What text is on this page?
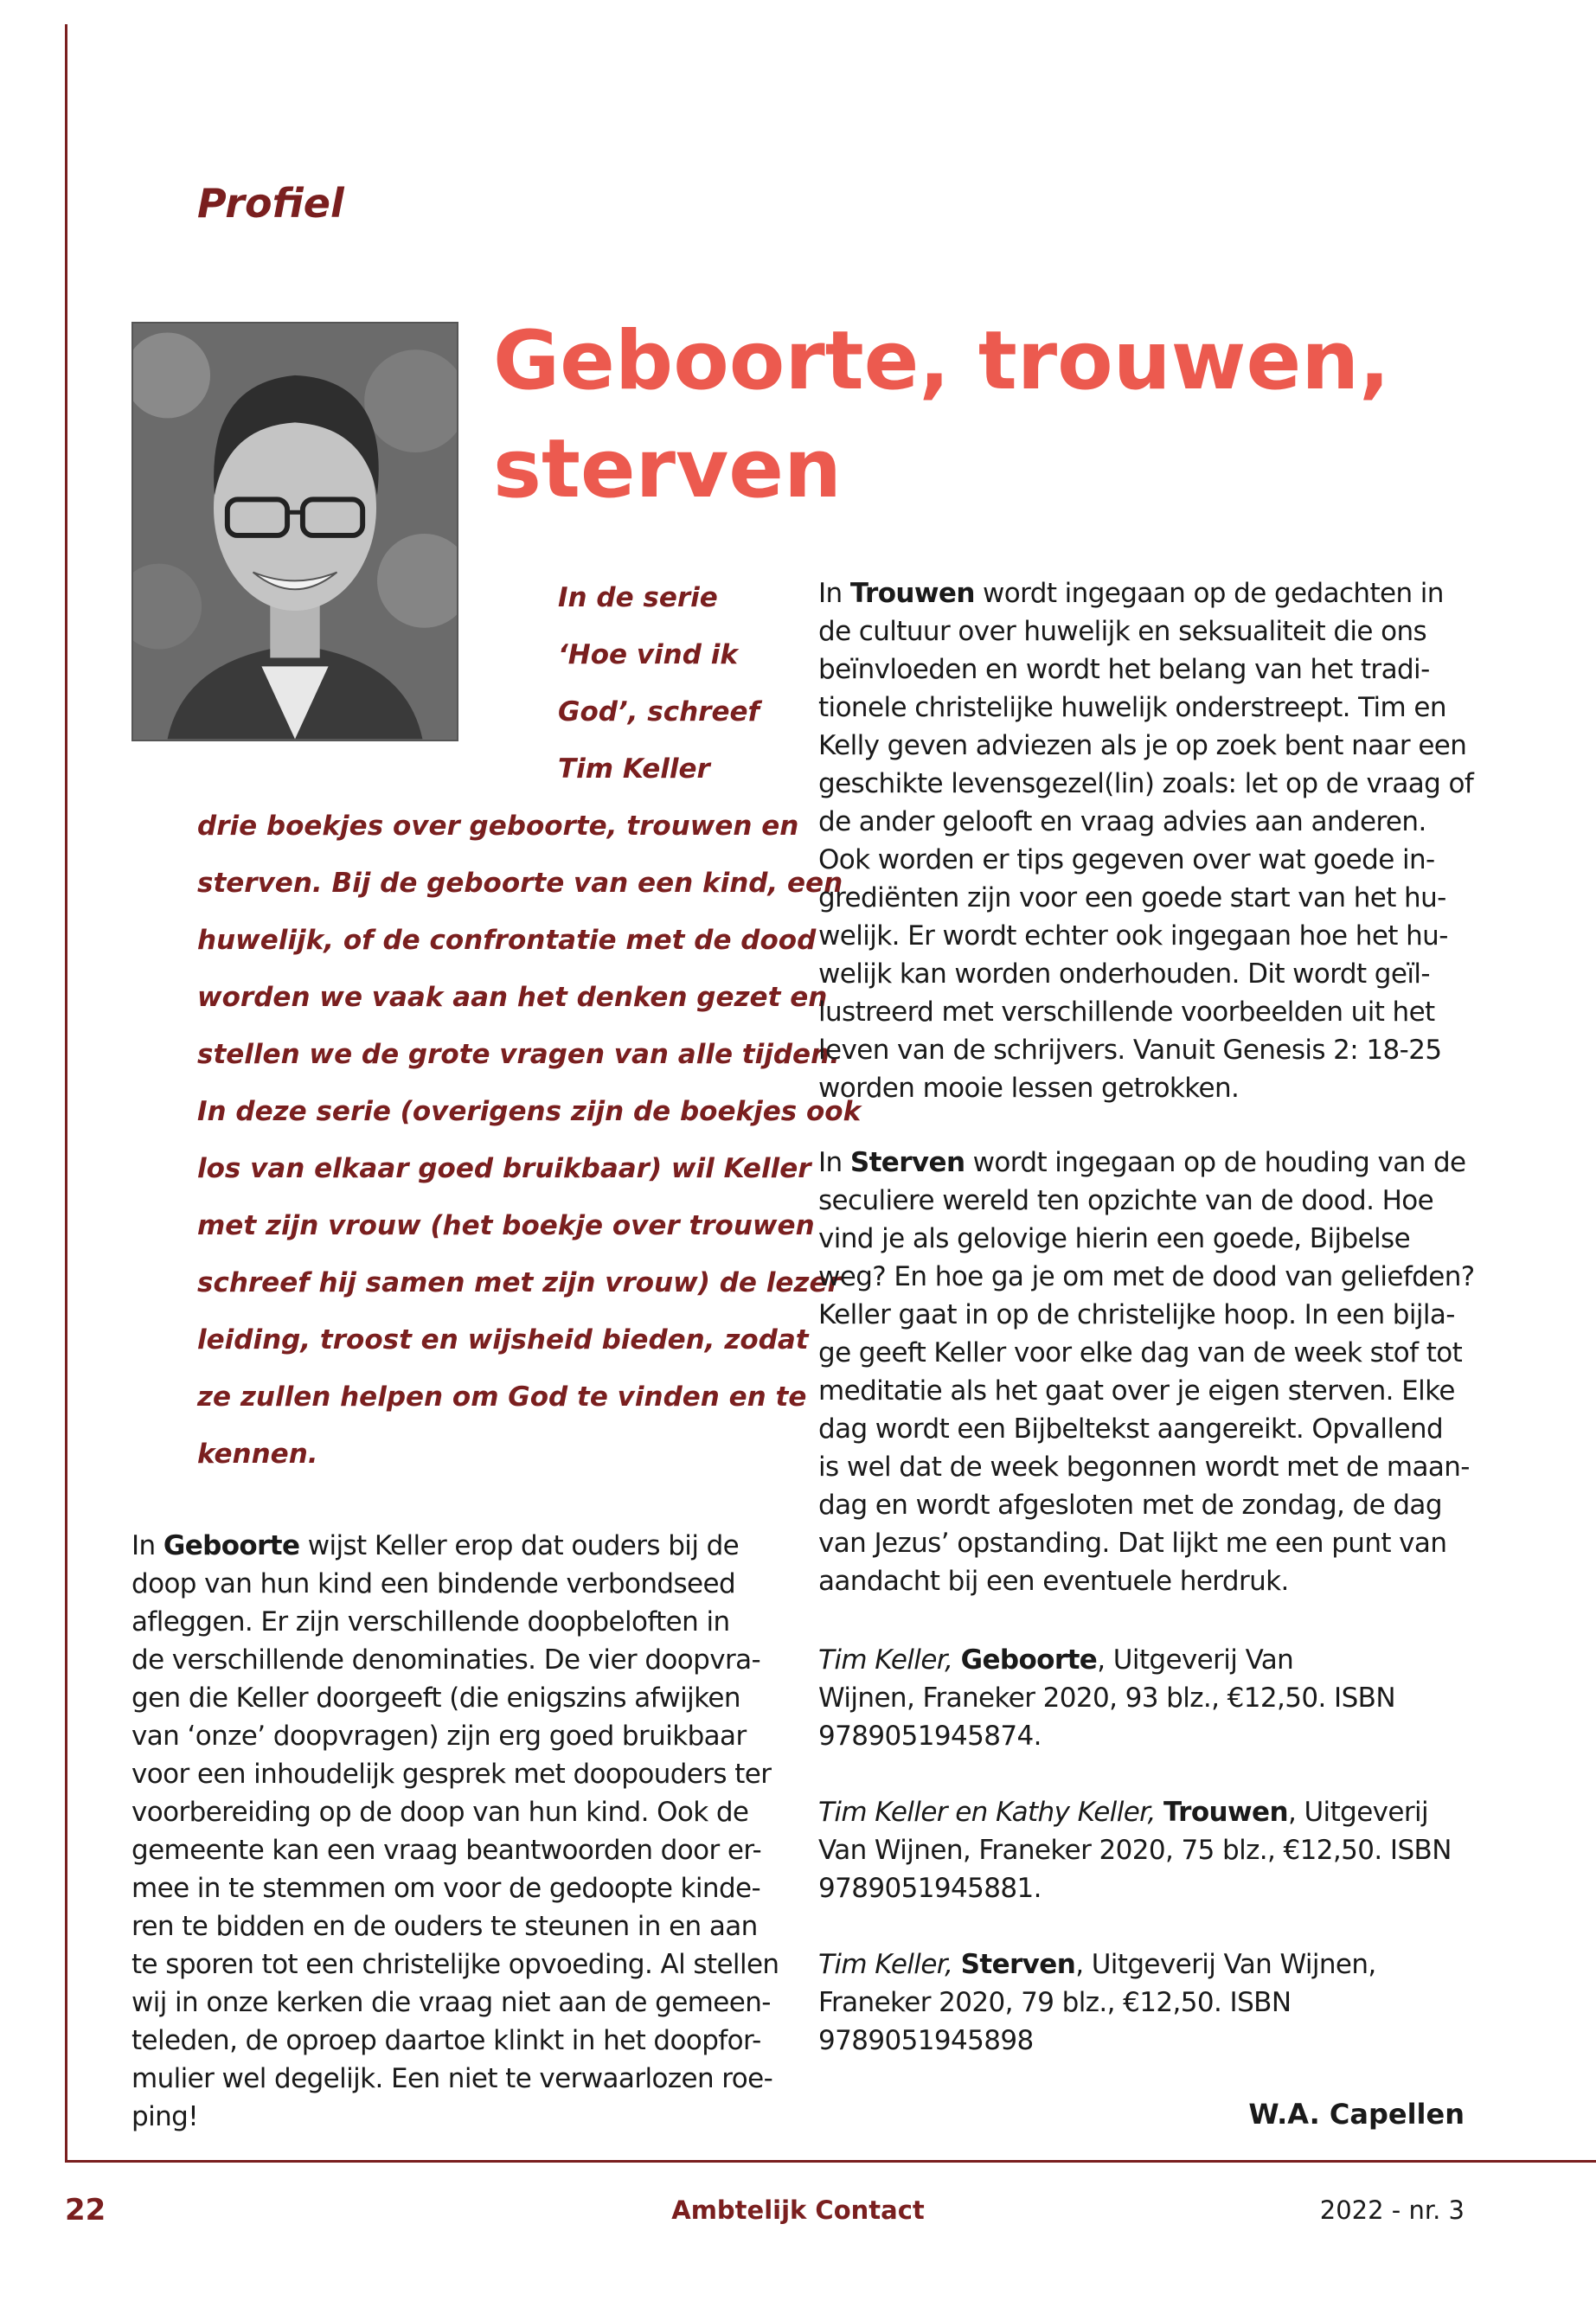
Profiel

Geboorte, trouwen,
sterven

In de serie
‘Hoe vind ik
God’, schreef
Tim Keller

drie boekjes over geboorte, trouwen en
sterven. Bij de geboorte van een kind, een
huwelijk, of de confrontatie met de dood
worden we vaak aan het denken gezet en
stellen we de grote vragen van alle tijden.
In deze serie (overigens zijn de boekjes ook
los van elkaar goed bruikbaar) wil Keller
met zijn vrouw (het boekje over trouwen
schreef hij samen met zijn vrouw) de lezer
leiding, troost en wijsheid bieden, zodat
ze zullen helpen om God te vinden en te
kennen.

In Geboorte wijst Keller erop dat ouders bij de
doop van hun kind een bindende verbondseed
afleggen. Er zijn verschillende doopbeloften in
de verschillende denominaties. De vier doopvra-
gen die Keller doorgeeft (die enigszins afwijken
van ‘onze’ doopvragen) zijn erg goed bruikbaar
voor een inhoudelijk gesprek met doopouders ter
voorbereiding op de doop van hun kind. Ook de
gemeente kan een vraag beantwoorden door er-
mee in te stemmen om voor de gedoopte kinde-
ren te bidden en de ouders te steunen in en aan
te sporen tot een christelijke opvoeding. Al stellen
wij in onze kerken die vraag niet aan de gemeen-
teleden, de oproep daartoe klinkt in het doopfor-
mulier wel degelijk. Een niet te verwaarlozen roe-
ping!

In Trouwen wordt ingegaan op de gedachten in
de cultuur over huwelijk en seksualiteit die ons
beïnvloeden en wordt het belang van het tradi-
tionele christelijke huwelijk onderstreept. Tim en
Kelly geven adviezen als je op zoek bent naar een
geschikte levensgezel(lin) zoals: let op de vraag of
de ander gelooft en vraag advies aan anderen.
Ook worden er tips gegeven over wat goede in-
grediënten zijn voor een goede start van het hu-
welijk. Er wordt echter ook ingegaan hoe het hu-
welijk kan worden onderhouden. Dit wordt geïl-
lustreerd met verschillende voorbeelden uit het
leven van de schrijvers. Vanuit Genesis 2: 18-25
worden mooie lessen getrokken.

In Sterven wordt ingegaan op de houding van de
seculiere wereld ten opzichte van de dood. Hoe
vind je als gelovige hierin een goede, Bijbelse
weg? En hoe ga je om met de dood van geliefden?
Keller gaat in op de christelijke hoop. In een bijla-
ge geeft Keller voor elke dag van de week stof tot
meditatie als het gaat over je eigen sterven. Elke
dag wordt een Bijbeltekst aangereikt. Opvallend
is wel dat de week begonnen wordt met de maan-
dag en wordt afgesloten met de zondag, de dag
van Jezus’ opstanding. Dat lijkt me een punt van
aandacht bij een eventuele herdruk.

Tim Keller, Geboorte, Uitgeverij Van
Wijnen, Franeker 2020, 93 blz., €12,50. ISBN
9789051945874.

Tim Keller en Kathy Keller, Trouwen, Uitgeverij
Van Wijnen, Franeker 2020, 75 blz., €12,50. ISBN
9789051945881.

Tim Keller, Sterven, Uitgeverij Van Wijnen,
Franeker 2020, 79 blz., €12,50. ISBN
9789051945898

W.A. Capellen

22	Ambtelijk Contact	2022 - nr. 3
